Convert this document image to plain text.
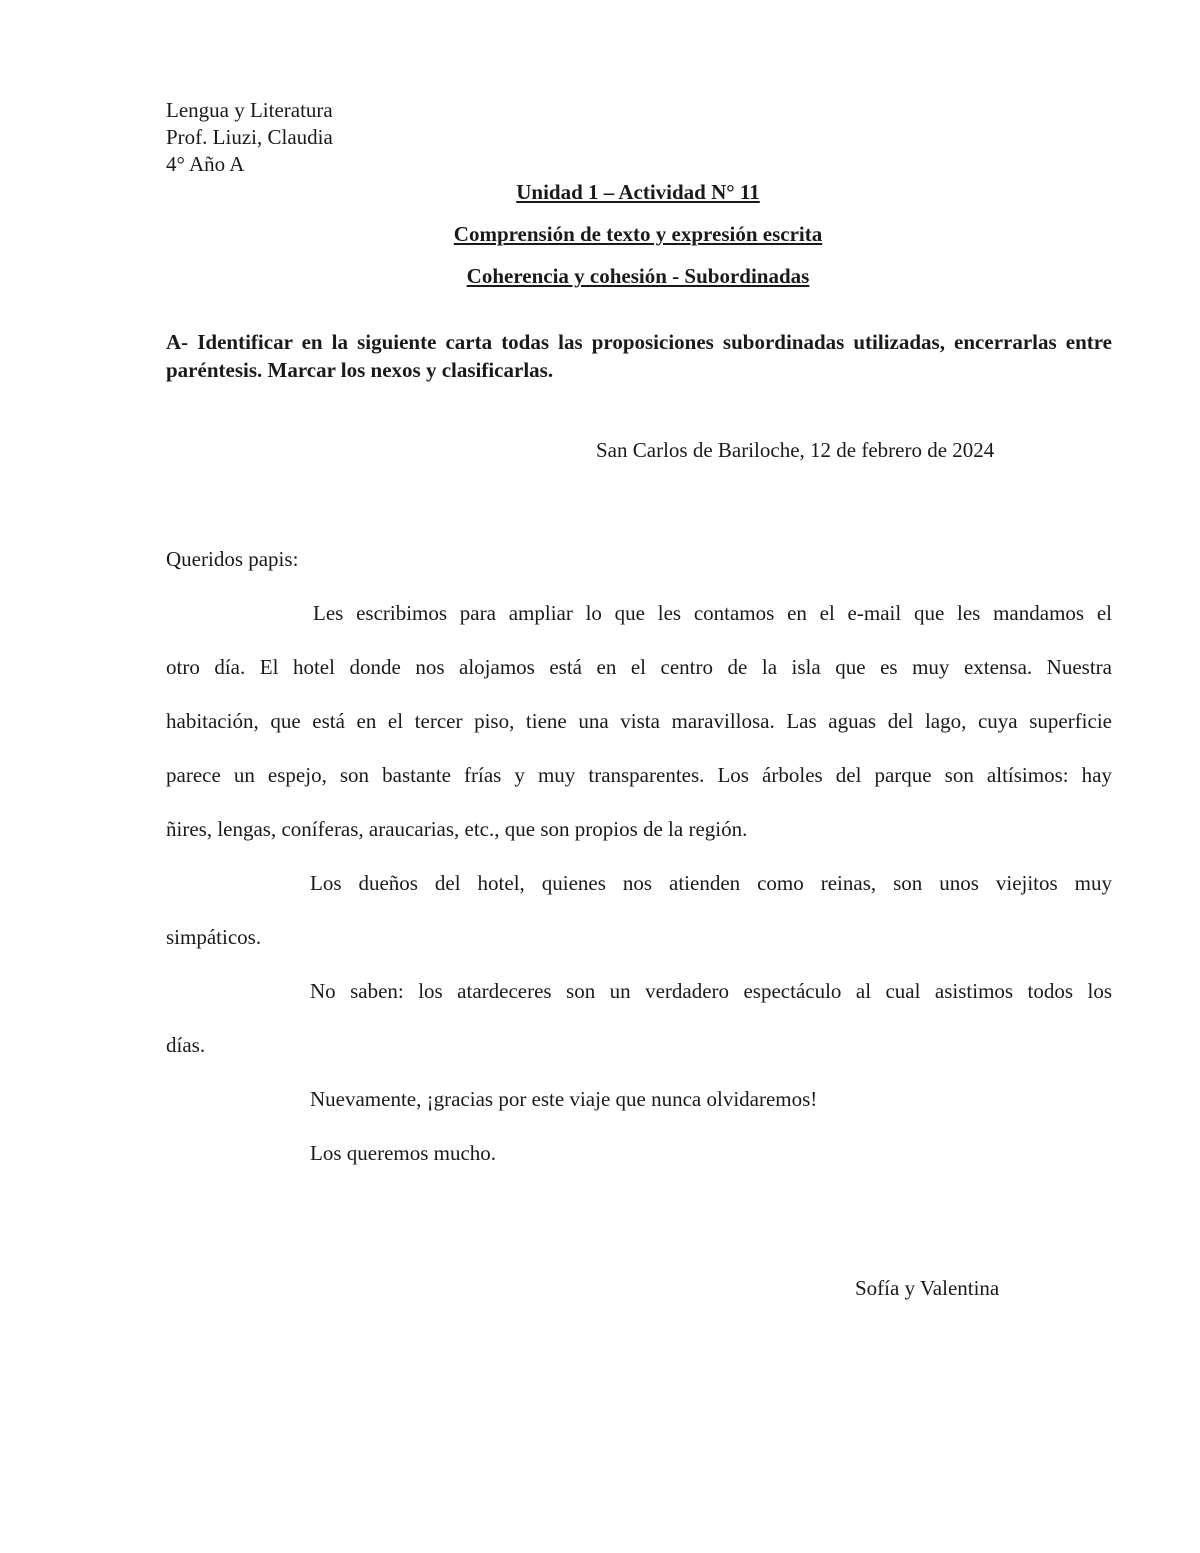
Lengua y Literatura
Prof. Liuzi, Claudia
4° Año A
Unidad 1 – Actividad N° 11
Comprensión de texto y expresión escrita
Coherencia y cohesión - Subordinadas
A- Identificar en la siguiente carta todas las proposiciones subordinadas utilizadas, encerrarlas entre paréntesis. Marcar los nexos y clasificarlas.
San Carlos de Bariloche, 12 de febrero de 2024
Queridos papis:
Les escribimos para ampliar lo que les contamos en el e-mail que les mandamos el
otro día. El hotel donde nos alojamos está en el centro de la isla que es muy extensa. Nuestra
habitación, que está en el tercer piso, tiene una vista maravillosa. Las aguas del lago, cuya superficie
parece un espejo, son bastante frías y muy transparentes. Los árboles del parque son altísimos: hay
ñires, lengas, coníferas, araucarias, etc., que son propios de la región.
Los dueños del hotel, quienes nos atienden como reinas, son unos viejitos muy
simpáticos.
No saben: los atardeceres son un verdadero espectáculo al cual asistimos todos los
días.
Nuevamente, ¡gracias por este viaje que nunca olvidaremos!
Los queremos mucho.
Sofía y Valentina
